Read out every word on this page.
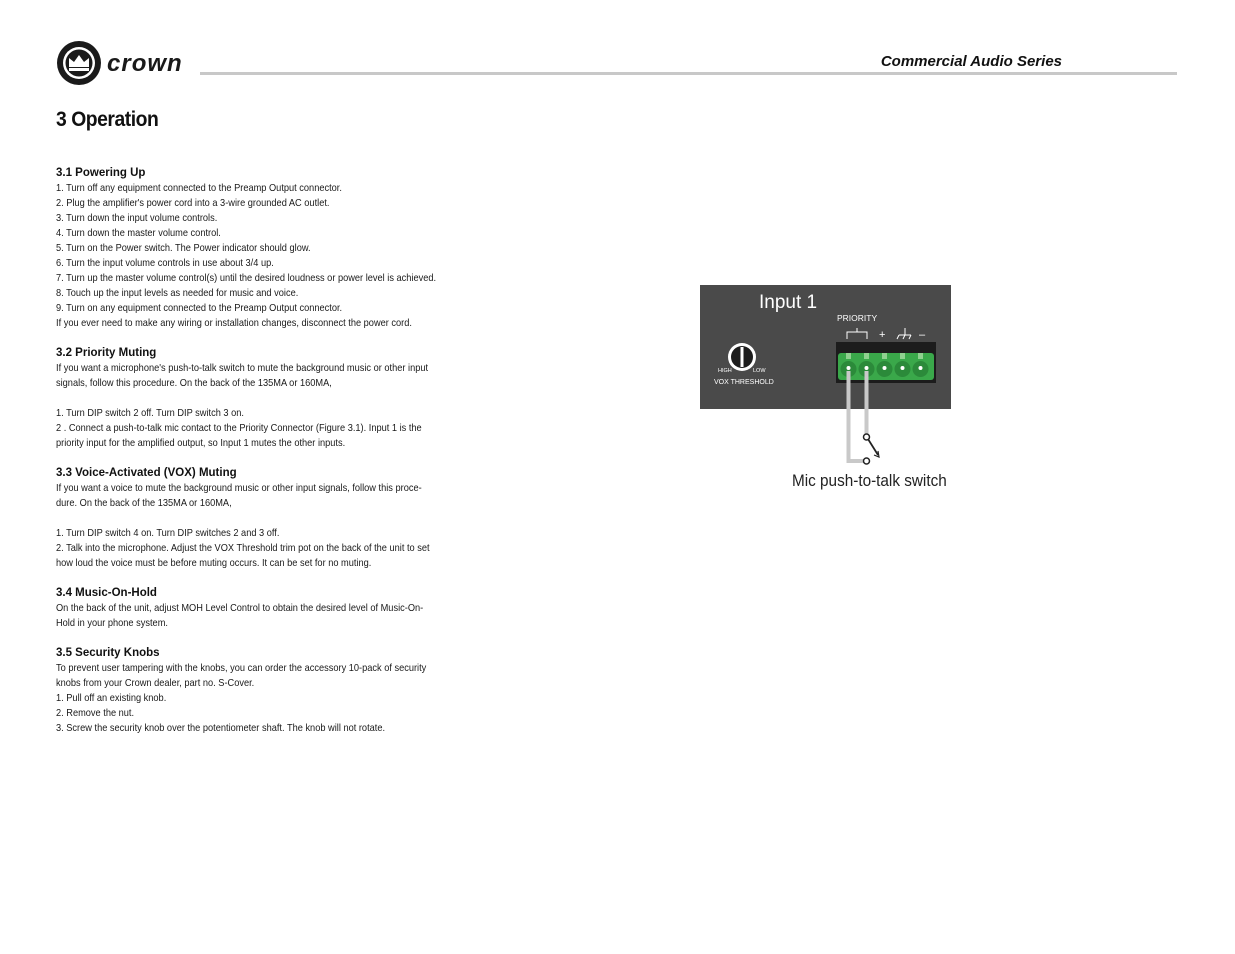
crown	Commercial Audio Series
3 Operation
3.1 Powering Up

1. Turn off any equipment connected to the Preamp Output connector.

2. Plug the amplifier's power cord into a 3-wire grounded AC outlet.

3. Turn down the input volume controls.

4. Turn down the master volume control.

5. Turn on the Power switch. The Power indicator should glow.

6. Turn the input volume controls in use about 3/4 up.

7. Turn up the master volume control(s) until the desired loudness or power level is achieved.

8. Touch up the input levels as needed for music and voice.

9. Turn on any equipment connected to the Preamp Output connector.

If you ever need to make any wiring or installation changes, disconnect the power cord.

3.2 Priority Muting

If you want a microphone's push-to-talk switch to mute the background music or other input

signals, follow this procedure. On the back of the 135MA or 160MA,

1. Turn DIP switch 2 off. Turn DIP switch 3 on.

2 . Connect a push-to-talk mic contact to the Priority Connector (Figure 3.1). Input 1 is the

priority input for the amplified output, so Input 1 mutes the other inputs.

3.3 Voice-Activated (VOX) Muting

If you want a voice to mute the background music or other input signals, follow this proce-

dure. On the back of the 135MA or 160MA,

1. Turn DIP switch 4 on. Turn DIP switches 2 and 3 off.

2. Talk into the microphone. Adjust the VOX Threshold trim pot on the back of the unit to set

how loud the voice must be before muting occurs. It can be set for no muting.

3.4 Music-On-Hold

On the back of the unit, adjust MOH Level Control to obtain the desired level of Music-On-

Hold in your phone system.

3.5 Security Knobs

To prevent user tampering with the knobs, you can order the accessory 10-pack of security

knobs from your Crown dealer, part no. S-Cover.

1. Pull off an existing knob.

2. Remove the nut.

3. Screw the security knob over the potentiometer shaft. The knob will not rotate.

Input 1
HIGH	LOW
VOX THRESHOLD
PRIORITY
+	–
Mic push-to-talk switch
